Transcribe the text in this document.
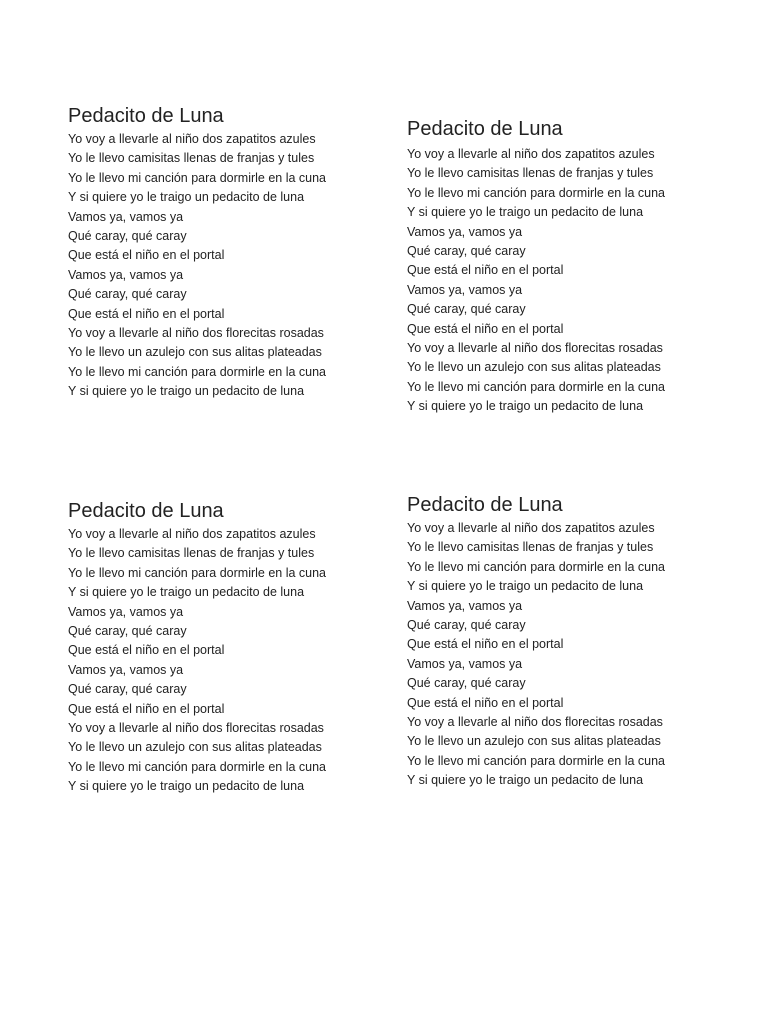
Pedacito de Luna
Yo voy a llevarle al niño dos zapatitos azules
Yo le llevo camisitas llenas de franjas y tules
Yo le llevo mi canción para dormirle en la cuna
Y si quiere yo le traigo un pedacito de luna
Vamos ya, vamos ya
Qué caray, qué caray
Que está el niño en el portal
Vamos ya, vamos ya
Qué caray, qué caray
Que está el niño en el portal
Yo voy a llevarle al niño dos florecitas rosadas
Yo le llevo un azulejo con sus alitas plateadas
Yo le llevo mi canción para dormirle en la cuna
Y si quiere yo le traigo un pedacito de luna
Pedacito de Luna
Yo voy a llevarle al niño dos zapatitos azules
Yo le llevo camisitas llenas de franjas y tules
Yo le llevo mi canción para dormirle en la cuna
Y si quiere yo le traigo un pedacito de luna
Vamos ya, vamos ya
Qué caray, qué caray
Que está el niño en el portal
Vamos ya, vamos ya
Qué caray, qué caray
Que está el niño en el portal
Yo voy a llevarle al niño dos florecitas rosadas
Yo le llevo un azulejo con sus alitas plateadas
Yo le llevo mi canción para dormirle en la cuna
Y si quiere yo le traigo un pedacito de luna
Pedacito de Luna
Yo voy a llevarle al niño dos zapatitos azules
Yo le llevo camisitas llenas de franjas y tules
Yo le llevo mi canción para dormirle en la cuna
Y si quiere yo le traigo un pedacito de luna
Vamos ya, vamos ya
Qué caray, qué caray
Que está el niño en el portal
Vamos ya, vamos ya
Qué caray, qué caray
Que está el niño en el portal
Yo voy a llevarle al niño dos florecitas rosadas
Yo le llevo un azulejo con sus alitas plateadas
Yo le llevo mi canción para dormirle en la cuna
Y si quiere yo le traigo un pedacito de luna
Pedacito de Luna
Yo voy a llevarle al niño dos zapatitos azules
Yo le llevo camisitas llenas de franjas y tules
Yo le llevo mi canción para dormirle en la cuna
Y si quiere yo le traigo un pedacito de luna
Vamos ya, vamos ya
Qué caray, qué caray
Que está el niño en el portal
Vamos ya, vamos ya
Qué caray, qué caray
Que está el niño en el portal
Yo voy a llevarle al niño dos florecitas rosadas
Yo le llevo un azulejo con sus alitas plateadas
Yo le llevo mi canción para dormirle en la cuna
Y si quiere yo le traigo un pedacito de luna
